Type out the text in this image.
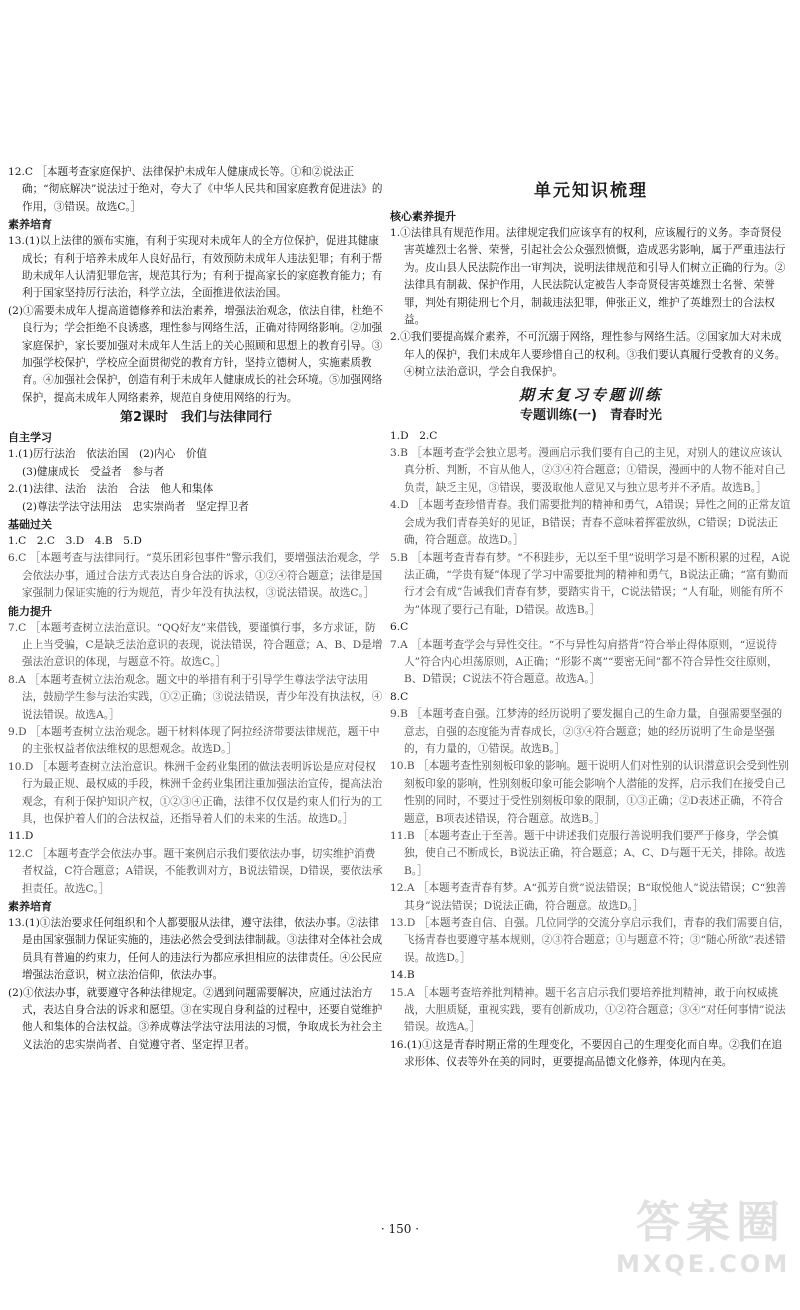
12.C ［本题考查家庭保护、法律保护未成年人健康成长等。①和②说法正确；“彻底解决”说法过于绝对，夸大了《中华人民共和国家庭教育促进法》的作用，③错误。故选C。］

素养培育

13.(1)以上法律的颁布实施，有利于实现对未成年人的全方位保护，促进其健康成长；有利于培养未成年人良好品行，有效预防未成年人违法犯罪；有利于帮助未成年人认清犯罪危害，规范其行为；有利于提高家长的家庭教育能力；有利于国家坚持厉行法治，科学立法，全面推进依法治国。

(2)①需要未成年人提高道德修养和法治素养，增强法治观念，依法自律，杜绝不良行为；学会拒绝不良诱惑，理性参与网络生活，正确对待网络影响。②加强家庭保护，家长要加强对未成年人生活上的关心照顾和思想上的教育引导。③加强学校保护，学校应全面贯彻党的教育方针，坚持立德树人，实施素质教育。④加强社会保护，创造有利于未成年人健康成长的社会环境。⑤加强网络保护，提高未成年人网络素养，规范自身使用网络的行为。

第2课时　我们与法律同行

自主学习

1.(1)厉行法治　依法治国　(2)内心　价值

(3)健康成长　受益者　参与者

2.(1)法律、法治　法治　合法　他人和集体

(2)尊法学法守法用法　忠实崇尚者　坚定捍卫者

基础过关

1.C　2.C　3.D　4.B　5.D

6.C ［本题考查与法律同行。“莫乐团彩包事件”警示我们，要增强法治观念，学会依法办事，通过合法方式表达自身合法的诉求，①②④符合题意；法律是国家强制力保证实施的行为规范，青少年没有执法权，③说法错误。故选C。］

能力提升

7.C ［本题考查树立法治意识。“QQ好友”来借钱，要谨慎行事，多方求证，防止上当受骗，C是缺乏法治意识的表现，说法错误，符合题意；A、B、D是增强法治意识的体现，与题意不符。故选C。］

8.A ［本题考查树立法治观念。题文中的举措有利于引导学生尊法学法守法用法，鼓励学生参与法治实践，①②正确；③说法错误，青少年没有执法权，④说法错误。故选A。］

9.D ［本题考查树立法治观念。题干材料体现了阿拉经济带要法律规范，题干中的主张权益者依法维权的思想观念。故选D。］

10.D ［本题考查树立法治意识。株洲千金药业集团的做法表明诉讼是应对侵权行为最正规、最权威的手段，株洲千金药业集团注重加强法治宣传，提高法治观念，有利于保护知识产权，①②③④正确，法律不仅仅是约束人们行为的工具，也保护着人们的合法权益，还指导着人们的未来的生活。故选D。］

11.D

12.C ［本题考查学会依法办事。题干案例启示我们要依法办事，切实维护消费者权益，C符合题意；A错误，不能教训对方，B说法错误，D错误，要依法承担责任。故选C。］

素养培育

13.(1)①法治要求任何组织和个人都要服从法律，遵守法律，依法办事。②法律是由国家强制力保证实施的，违法必然会受到法律制裁。③法律对全体社会成员具有普遍的约束力，任何人的违法行为都应承担相应的法律责任。④公民应增强法治意识，树立法治信仰，依法办事。

(2)①依法办事，就要遵守各种法律规定。②遇到问题需要解决，应通过法治方式，表达自身合法的诉求和愿望。③在实现自身利益的过程中，还要自觉维护他人和集体的合法权益。③养成尊法学法守法用法的习惯，争取成长为社会主义法治的忠实崇尚者、自觉遵守者、坚定捍卫者。

单元知识梳理

核心素养提升

1.①法律具有规范作用。法律规定我们应该享有的权利，应该履行的义务。李奇贤侵害英雄烈士名誉、荣誉，引起社会公众强烈愤慨，造成恶劣影响，属于严重违法行为。皮山县人民法院作出一审判决，说明法律规范和引导人们树立正确的行为。②法律具有制裁、保护作用，人民法院认定被告人李奇贤侵害英雄烈士名誉、荣誉罪，判处有期徒刑七个月，制裁违法犯罪，伸张正义，维护了英雄烈士的合法权益。

2.①我们要提高媒介素养，不可沉溺于网络，理性参与网络生活。②国家加大对未成年人的保护，我们未成年人要珍惜自己的权利。③我们要认真履行受教育的义务。④树立法治意识，学会自我保护。

期末复习专题训练

专题训练(一)　青春时光

1.D　2.C

3.B ［本题考查学会独立思考。漫画启示我们要有自己的主见，对别人的建议应该认真分析、判断，不盲从他人，②③④符合题意；①错误，漫画中的人物不能对自己负责，缺乏主见，③错误，要汲取他人意见又与独立思考并不矛盾。故选B。］

4.D ［本题考查珍惜青春。我们需要批判的精神和勇气，A错误；异性之间的正常友谊会成为我们青春美好的见证，B错误；青春不意味着挥霍放纵，C错误；D说法正确，符合题意。故选D。］

5.B ［本题考查青春有梦。“不积跬步，无以至千里”说明学习是不断积累的过程，A说法正确，“学贵有疑”体现了学习中需要批判的精神和勇气，B说法正确；“富有勤而行才会有成”告诫我们青春有梦，要踏实肯干，C说法错误；“人有耻，则能有所不为”体现了要行己有耻，D错误。故选B。］

6.C

7.A ［本题考查学会与异性交往。“不与异性勾肩搭背”符合举止得体原则，“逗说待人”符合内心坦荡原则，A正确；“形影不离”“要密无间”都不符合异性交往原则，B、D错误；C说法不符合题意。故选A。］

8.C

9.B ［本题考查自强。江梦涛的经历说明了要发掘自己的生命力量，自强需要坚强的意志，自强的态度能为青春成长，②③④符合题意；她的经历说明了生命是坚强的，有力量的，①错误。故选B。］

10.B ［本题考查性别刻板印象的影响。题干说明人们对性别的认识潜意识会受到性别刻板印象的影响，性别刻板印象可能会影响个人潜能的发挥，启示我们在接受自己性别的同时，不要过于受性别刻板印象的限制，①③正确；②D表述正确，不符合题意，B项表述错误，符合题意。故选B。］

11.B ［本题考查止于至善。题干中讲述我们克服行善说明我们要严于修身，学会慎独，使自己不断成长，B说法正确，符合题意；A、C、D与题干无关，排除。故选B。］

12.A ［本题考查青春有梦。A“孤芳自赏”说法错误；B“取悦他人”说法错误；C“独善其身”说法错误；D说法正确，符合题意。故选D。］

13.D ［本题考查自信、自强。几位同学的交流分享启示我们，青春的我们需要自信，飞扬青春也要遵守基本规则，②③符合题意；①与题意不符；③“随心所欲”表述错误。故选D。］

14.B

15.A ［本题考查培养批判精神。题干名言启示我们要培养批判精神，敢于向权威挑战，大胆质疑，重视实践，要有创新成功，①②符合题意；③④“对任何事情”说法错误。故选A。］

16.(1)①这是青春时期正常的生理变化，不要因自己的生理变化而自卑。②我们在追求形体、仪表等外在美的同时，更要提高品德文化修养，体现内在美。

· 150 ·	答案圈
MXQE.COM
